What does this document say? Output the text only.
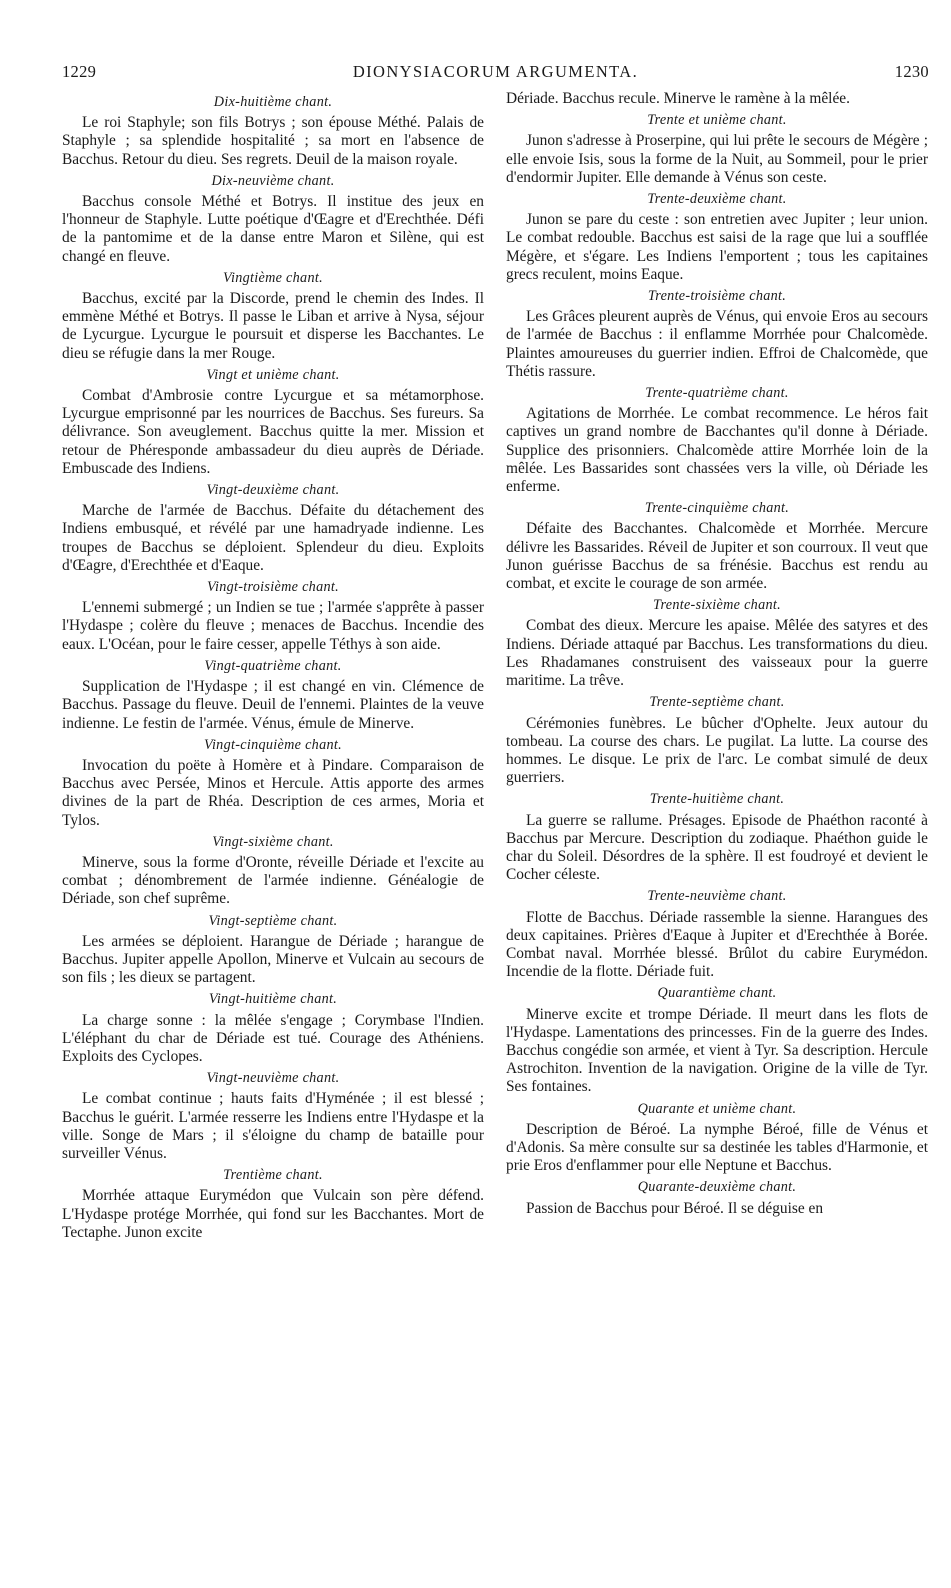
1229	DIONYSIACORUM ARGUMENTA.	1230
Dix-huitième chant.

Le roi Staphyle; son fils Botrys ; son épouse Méthé. Palais de Staphyle ; sa splendide hospitalité ; sa mort en l'absence de Bacchus. Retour du dieu. Ses regrets. Deuil de la maison royale.

Dix-neuvième chant.

Bacchus console Méthé et Botrys. Il institue des jeux en l'honneur de Staphyle. Lutte poétique d'Œagre et d'Erechthée. Défi de la pantomime et de la danse entre Maron et Silène, qui est changé en fleuve.

Vingtième chant.

Bacchus, excité par la Discorde, prend le chemin des Indes. Il emmène Méthé et Botrys. Il passe le Liban et arrive à Nysa, séjour de Lycurgue. Lycurgue le poursuit et disperse les Bacchantes. Le dieu se réfugie dans la mer Rouge.

Vingt et unième chant.

Combat d'Ambrosie contre Lycurgue et sa métamorphose. Lycurgue emprisonné par les nourrices de Bacchus. Ses fureurs. Sa délivrance. Son aveuglement. Bacchus quitte la mer. Mission et retour de Phéresponde ambassadeur du dieu auprès de Dériade. Embuscade des Indiens.

Vingt-deuxième chant.

Marche de l'armée de Bacchus. Défaite du détachement des Indiens embusqué, et révélé par une hamadryade indienne. Les troupes de Bacchus se déploient. Splendeur du dieu. Exploits d'Œagre, d'Erechthée et d'Eaque.

Vingt-troisième chant.

L'ennemi submergé ; un Indien se tue ; l'armée s'apprête à passer l'Hydaspe ; colère du fleuve ; menaces de Bacchus. Incendie des eaux. L'Océan, pour le faire cesser, appelle Téthys à son aide.

Vingt-quatrième chant.

Supplication de l'Hydaspe ; il est changé en vin. Clémence de Bacchus. Passage du fleuve. Deuil de l'ennemi. Plaintes de la veuve indienne. Le festin de l'armée. Vénus, émule de Minerve.

Vingt-cinquième chant.

Invocation du poëte à Homère et à Pindare. Comparaison de Bacchus avec Persée, Minos et Hercule. Attis apporte des armes divines de la part de Rhéa. Description de ces armes, Moria et Tylos.

Vingt-sixième chant.

Minerve, sous la forme d'Oronte, réveille Dériade et l'excite au combat ; dénombrement de l'armée indienne. Généalogie de Dériade, son chef suprême.

Vingt-septième chant.

Les armées se déploient. Harangue de Dériade ; harangue de Bacchus. Jupiter appelle Apollon, Minerve et Vulcain au secours de son fils ; les dieux se partagent.

Vingt-huitième chant.

La charge sonne : la mêlée s'engage ; Corymbase l'Indien. L'éléphant du char de Dériade est tué. Courage des Athéniens. Exploits des Cyclopes.

Vingt-neuvième chant.

Le combat continue ; hauts faits d'Hyménée ; il est blessé ; Bacchus le guérit. L'armée resserre les Indiens entre l'Hydaspe et la ville. Songe de Mars ; il s'éloigne du champ de bataille pour surveiller Vénus.

Trentième chant.

Morrhée attaque Eurymédon que Vulcain son père défend. L'Hydaspe protége Morrhée, qui fond sur les Bacchantes. Mort de Tectaphe. Junon excite

Dériade. Bacchus recule. Minerve le ramène à la mêlée.

Trente et unième chant.

Junon s'adresse à Proserpine, qui lui prête le secours de Mégère ; elle envoie Isis, sous la forme de la Nuit, au Sommeil, pour le prier d'endormir Jupiter. Elle demande à Vénus son ceste.

Trente-deuxième chant.

Junon se pare du ceste : son entretien avec Jupiter ; leur union. Le combat redouble. Bacchus est saisi de la rage que lui a soufflée Mégère, et s'égare. Les Indiens l'emportent ; tous les capitaines grecs reculent, moins Eaque.

Trente-troisième chant.

Les Grâces pleurent auprès de Vénus, qui envoie Eros au secours de l'armée de Bacchus : il enflamme Morrhée pour Chalcomède. Plaintes amoureuses du guerrier indien. Effroi de Chalcomède, que Thétis rassure.

Trente-quatrième chant.

Agitations de Morrhée. Le combat recommence. Le héros fait captives un grand nombre de Bacchantes qu'il donne à Dériade. Supplice des prisonniers. Chalcomède attire Morrhée loin de la mêlée. Les Bassarides sont chassées vers la ville, où Dériade les enferme.

Trente-cinquième chant.

Défaite des Bacchantes. Chalcomède et Morrhée. Mercure délivre les Bassarides. Réveil de Jupiter et son courroux. Il veut que Junon guérisse Bacchus de sa frénésie. Bacchus est rendu au combat, et excite le courage de son armée.

Trente-sixième chant.

Combat des dieux. Mercure les apaise. Mêlée des satyres et des Indiens. Dériade attaqué par Bacchus. Les transformations du dieu. Les Rhadamanes construisent des vaisseaux pour la guerre maritime. La trêve.

Trente-septième chant.

Cérémonies funèbres. Le bûcher d'Ophelte. Jeux autour du tombeau. La course des chars. Le pugilat. La lutte. La course des hommes. Le disque. Le prix de l'arc. Le combat simulé de deux guerriers.

Trente-huitième chant.

La guerre se rallume. Présages. Episode de Phaéthon raconté à Bacchus par Mercure. Description du zodiaque. Phaéthon guide le char du Soleil. Désordres de la sphère. Il est foudroyé et devient le Cocher céleste.

Trente-neuvième chant.

Flotte de Bacchus. Dériade rassemble la sienne. Harangues des deux capitaines. Prières d'Eaque à Jupiter et d'Erechthée à Borée. Combat naval. Morrhée blessé. Brûlot du cabire Eurymédon. Incendie de la flotte. Dériade fuit.

Quarantième chant.

Minerve excite et trompe Dériade. Il meurt dans les flots de l'Hydaspe. Lamentations des princesses. Fin de la guerre des Indes. Bacchus congédie son armée, et vient à Tyr. Sa description. Hercule Astrochiton. Invention de la navigation. Origine de la ville de Tyr. Ses fontaines.

Quarante et unième chant.

Description de Béroé. La nymphe Béroé, fille de Vénus et d'Adonis. Sa mère consulte sur sa destinée les tables d'Harmonie, et prie Eros d'enflammer pour elle Neptune et Bacchus.

Quarante-deuxième chant.

Passion de Bacchus pour Béroé. Il se déguise en
